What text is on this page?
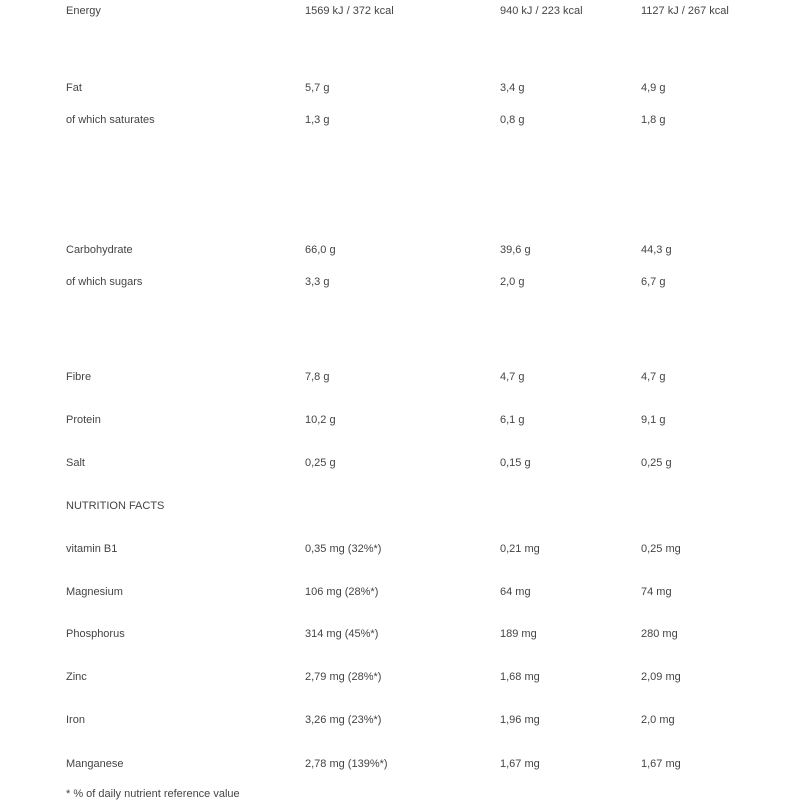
Energy	1569 kJ / 372 kcal	940 kJ / 223 kcal	1127 kJ / 267 kcal
Fat	5,7 g	3,4 g	4,9 g
of which saturates	1,3 g	0,8 g	1,8 g
Carbohydrate	66,0 g	39,6 g	44,3 g
of which sugars	3,3 g	2,0 g	6,7 g
Fibre	7,8 g	4,7 g	4,7 g
Protein	10,2 g	6,1 g	9,1 g
Salt	0,25 g	0,15 g	0,25 g
NUTRITION FACTS
vitamin B1	0,35 mg (32%*)	0,21 mg	0,25 mg
Magnesium	106 mg (28%*)	64 mg	74 mg
Phosphorus	314 mg (45%*)	189 mg	280 mg
Zinc	2,79 mg (28%*)	1,68 mg	2,09 mg
Iron	3,26 mg (23%*)	1,96 mg	2,0 mg
Manganese	2,78 mg (139%*)	1,67 mg	1,67 mg
* % of daily nutrient reference value
